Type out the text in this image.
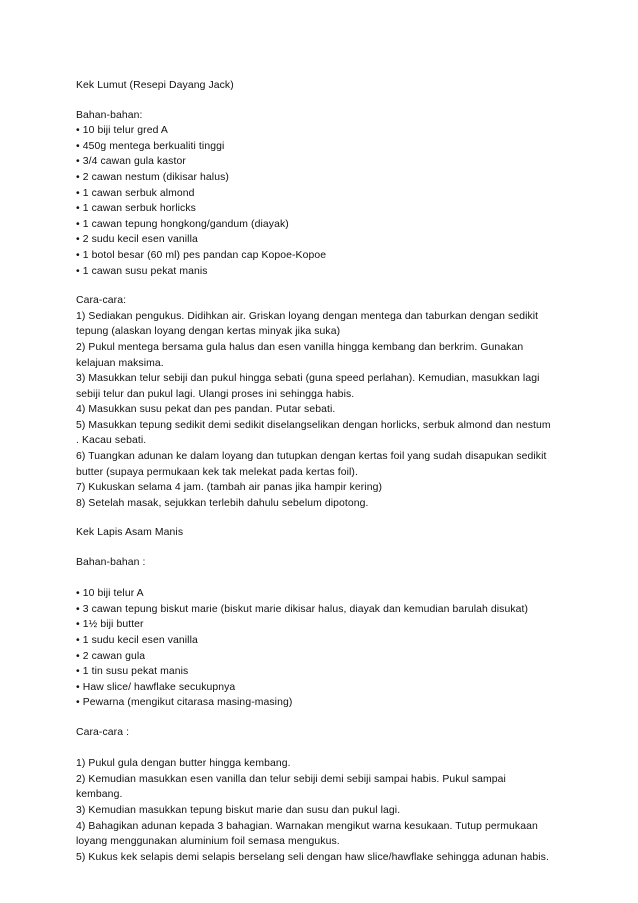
Kek Lumut (Resepi Dayang Jack)
Bahan-bahan:
• 10 biji telur gred A
• 450g mentega berkualiti tinggi
• 3/4 cawan gula kastor
• 2 cawan nestum (dikisar halus)
• 1 cawan serbuk almond
• 1 cawan serbuk horlicks
• 1 cawan tepung hongkong/gandum (diayak)
• 2 sudu kecil esen vanilla
• 1 botol besar (60 ml) pes pandan cap Kopoe-Kopoe
• 1 cawan susu pekat manis
Cara-cara:
1) Sediakan pengukus. Didihkan air. Griskan loyang dengan mentega dan taburkan dengan sedikit
tepung (alaskan loyang dengan kertas minyak jika suka)
2) Pukul mentega bersama gula halus dan esen vanilla hingga kembang dan berkrim. Gunakan
kelajuan maksima.
3) Masukkan telur sebiji dan pukul hingga sebati (guna speed perlahan). Kemudian, masukkan lagi
sebiji telur dan pukul lagi. Ulangi proses ini sehingga habis.
4) Masukkan susu pekat dan pes pandan. Putar sebati.
5) Masukkan tepung sedikit demi sedikit diselangselikan dengan horlicks, serbuk almond dan nestum
. Kacau sebati.
6) Tuangkan adunan ke dalam loyang dan tutupkan dengan kertas foil yang sudah disapukan sedikit
butter (supaya permukaan kek tak melekat pada kertas foil).
7) Kukuskan selama 4 jam. (tambah air panas jika hampir kering)
8) Setelah masak, sejukkan terlebih dahulu sebelum dipotong.
Kek Lapis Asam Manis
Bahan-bahan :
• 10 biji telur A
• 3 cawan tepung biskut marie (biskut marie dikisar halus, diayak dan kemudian barulah disukat)
• 1½ biji butter
• 1 sudu kecil esen vanilla
• 2 cawan gula
• 1 tin susu pekat manis
• Haw slice/ hawflake secukupnya
• Pewarna (mengikut citarasa masing-masing)
Cara-cara :
1) Pukul gula dengan butter hingga kembang.
2) Kemudian masukkan esen vanilla dan telur sebiji demi sebiji sampai habis. Pukul sampai
kembang.
3) Kemudian masukkan tepung biskut marie dan susu dan pukul lagi.
4) Bahagikan adunan kepada 3 bahagian. Warnakan mengikut warna kesukaan. Tutup permukaan
loyang menggunakan aluminium foil semasa mengukus.
5) Kukus kek selapis demi selapis berselang seli dengan haw slice/hawflake sehingga adunan habis.
